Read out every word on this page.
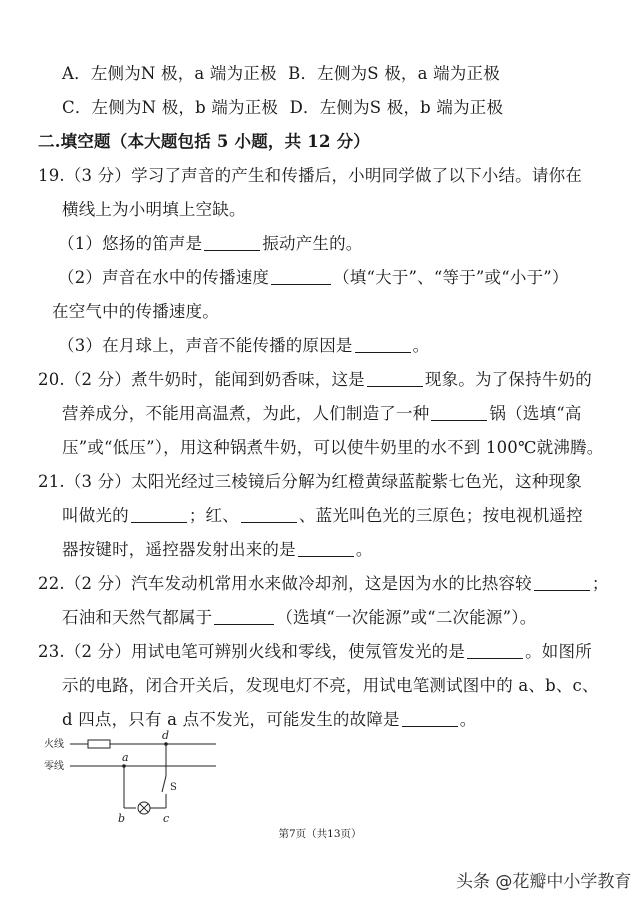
A．左侧为N 极，a 端为正极 B．左侧为S 极，a 端为正极
C．左侧为N 极，b 端为正极 D．左侧为S 极，b 端为正极
二.填空题（本大题包括 5 小题，共 12 分）
19.（3 分）学习了声音的产生和传播后，小明同学做了以下小结。请你在
横线上为小明填上空缺。
（1）悠扬的笛声是	振动产生的。
（2）声音在水中的传播速度	（填“大于”、“等于”或“小于”）
在空气中的传播速度。
（3）在月球上，声音不能传播的原因是	。
20.（2 分）煮牛奶时，能闻到奶香味，这是	现象。为了保持牛奶的
营养成分，不能用高温煮，为此，人们制造了一种	锅（选填“高
压”或“低压”），用这种锅煮牛奶，可以使牛奶里的水不到 100℃就沸腾。
21.（3 分）太阳光经过三棱镜后分解为红橙黄绿蓝靛紫七色光，这种现象
叫做光的	；红、	、蓝光叫色光的三原色；按电视机遥控
器按键时，遥控器发射出来的是	。
22.（2 分）汽车发动机常用水来做冷却剂，这是因为水的比热容较	；
石油和天然气都属于	（选填“一次能源”或“二次能源”）。
23.（2 分）用试电笔可辨别火线和零线，使氖管发光的是	。如图所
示的电路，闭合开关后，发现电灯不亮，用试电笔测试图中的 a、b、c、
d 四点，只有 a 点不发光，可能发生的故障是	。
火线
零线
a
d
b	c
S
第7页（共13页）
头条 @花瓣中小学教育
